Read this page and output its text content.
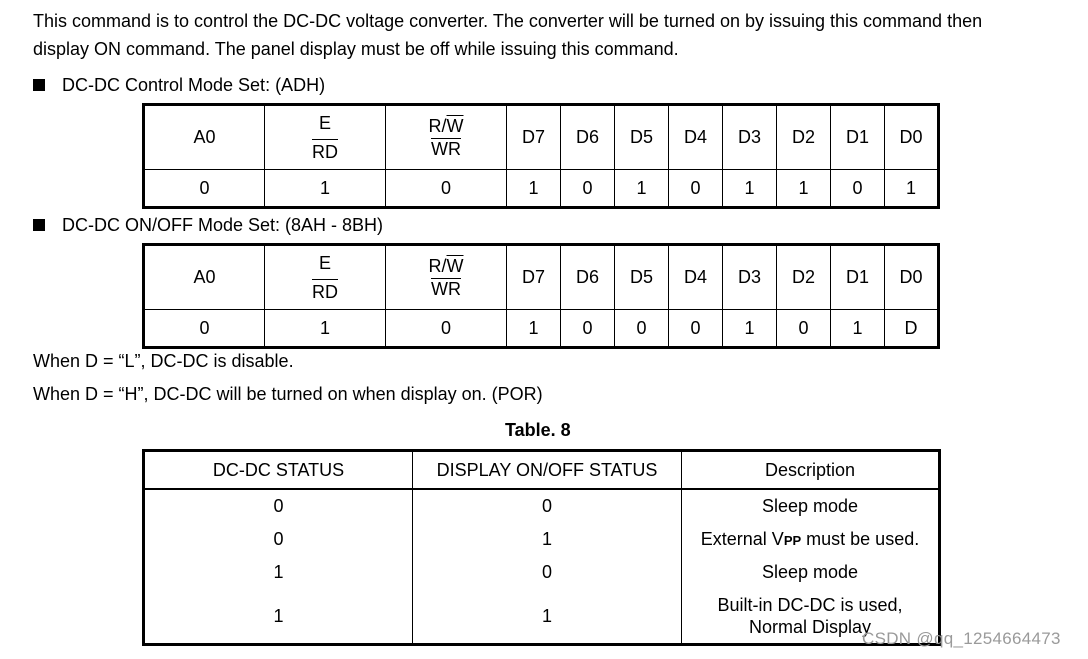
This command is to control the DC-DC voltage converter. The converter will be turned on by issuing this command then
display ON command. The panel display must be off while issuing this command.
DC-DC Control Mode Set: (ADH)
A0	$\frac{E}{RD}$	$\frac{R/\overline{W}}{WR}$	D7	D6	D5	D4	D3	D2	D1	D0
0	1	0	1	0	1	0	1	1	0	1
DC-DC ON/OFF Mode Set: (8AH - 8BH)
A0	$\frac{E}{RD}$	$\frac{R/\overline{W}}{WR}$	D7	D6	D5	D4	D3	D2	D1	D0
0	1	0	1	0	0	0	1	0	1	D
When D = “L”, DC-DC is disable.
When D = “H”, DC-DC will be turned on when display on. (POR)
Table. 8
DC-DC STATUS	DISPLAY ON/OFF STATUS	Description
0	0	Sleep mode
0	1	External VPP must be used.
1	0	Sleep mode
1	1	Built-in DC-DC is used,
Normal Display
CSDN @qq_1254664473
